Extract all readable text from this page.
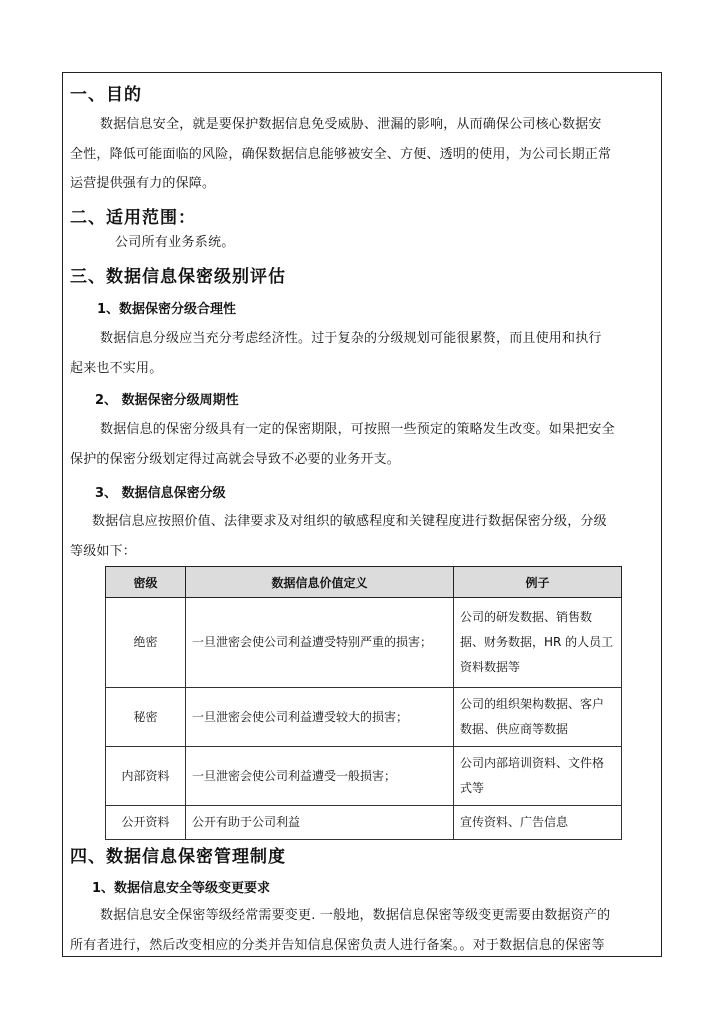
一、目的
数据信息安全，就是要保护数据信息免受威胁、泄漏的影响，从而确保公司核心数据安
全性，降低可能面临的风险，确保数据信息能够被安全、方便、透明的使用，为公司长期正常
运营提供强有力的保障。
二、适用范围：
公司所有业务系统。
三、数据信息保密级别评估
1、数据保密分级合理性
数据信息分级应当充分考虑经济性。过于复杂的分级规划可能很累赘，而且使用和执行
起来也不实用。
2、 数据保密分级周期性
数据信息的保密分级具有一定的保密期限，可按照一些预定的策略发生改变。如果把安全
保护的保密分级划定得过高就会导致不必要的业务开支。
3、 数据信息保密分级
数据信息应按照价值、法律要求及对组织的敏感程度和关键程度进行数据保密分级，分级
等级如下：
密级	数据信息价值定义	例子
绝密	一旦泄密会使公司利益遭受特别严重的损害；	公司的研发数据、销售数据、财务数据，HR 的人员工资料数据等
秘密	一旦泄密会使公司利益遭受较大的损害；	公司的组织架构数据、客户数据、供应商等数据
内部资料	一旦泄密会使公司利益遭受一般损害；	公司内部培训资料、文件格式等
公开资料	公开有助于公司利益	宣传资料、广告信息
四、数据信息保密管理制度
1、数据信息安全等级变更要求
数据信息安全保密等级经常需要变更. 一般地，数据信息保密等级变更需要由数据资产的
所有者进行，然后改变相应的分类并告知信息保密负责人进行备案。。对于数据信息的保密等
